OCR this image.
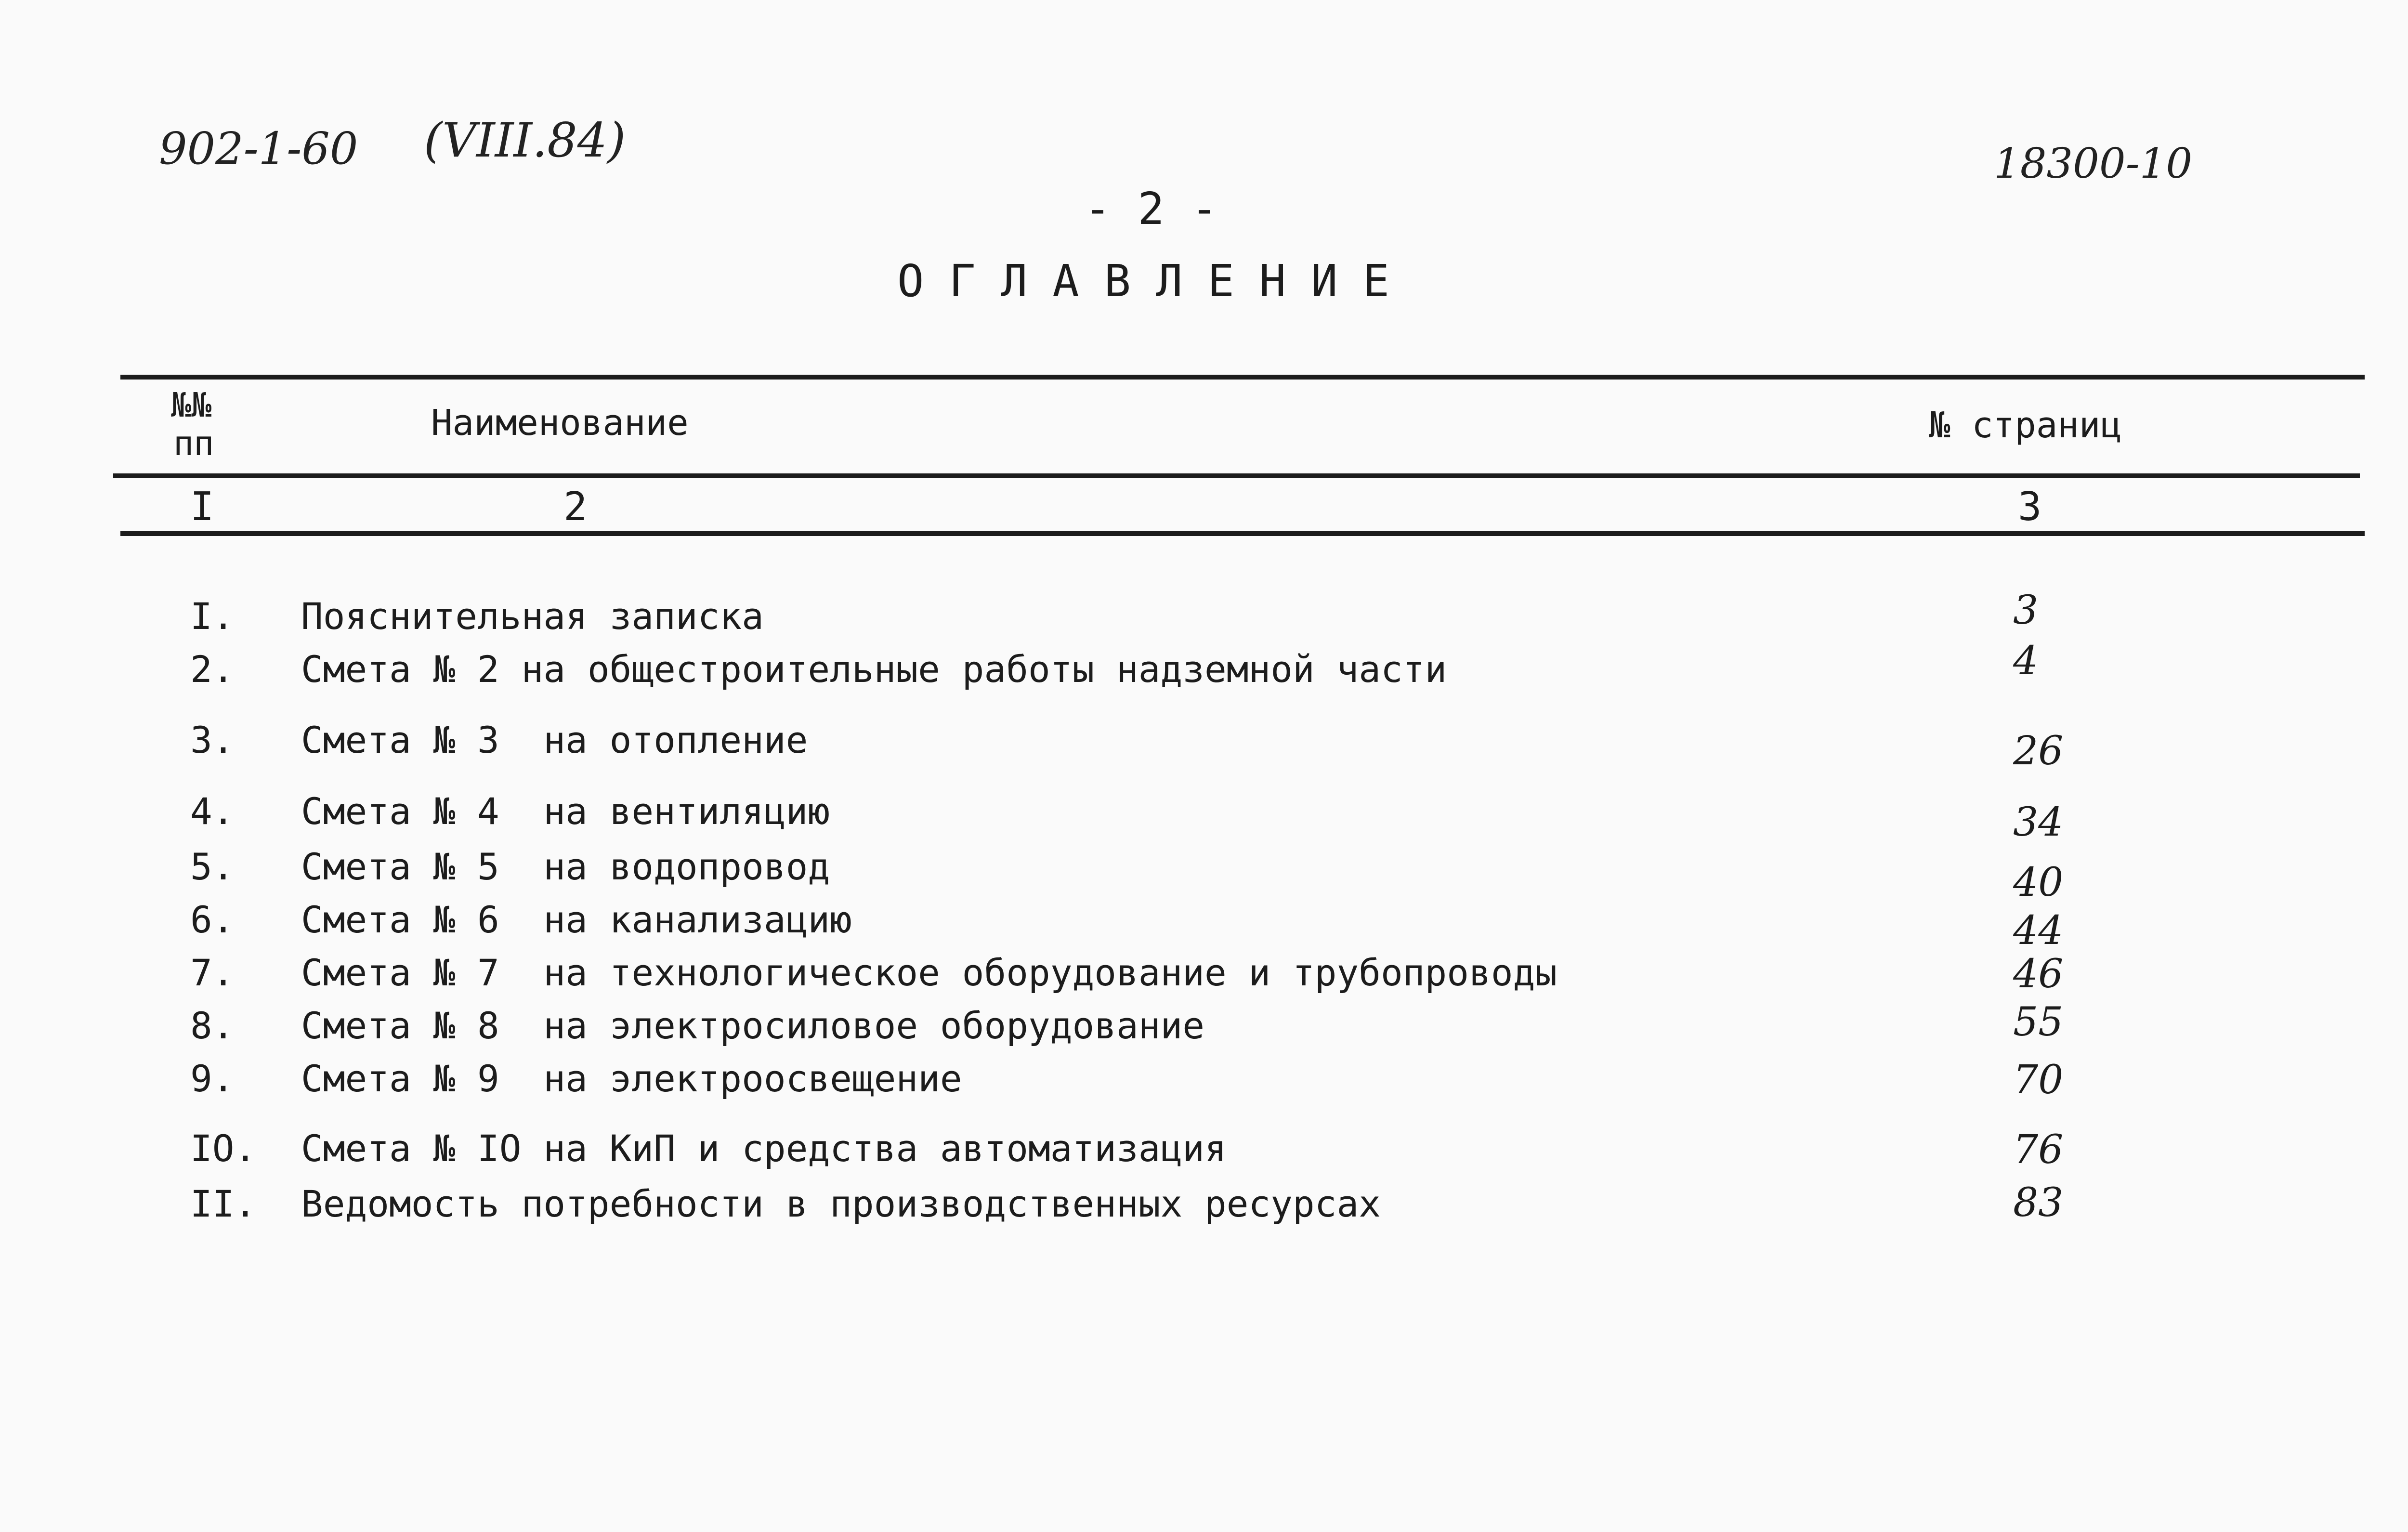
902-1-60 (VIII.84)	18300-10
- 2 -
ОГЛАВЛЕНИЕ
№№
пп	Наименование	№ страниц
I	2	3
I. Пояснительная записка	3
2. Смета № 2 на общестроительные работы надземной части	4
3. Смета № 3  на отопление	26
4. Смета № 4  на вентиляцию	34
5. Смета № 5  на водопровод	40
6. Смета № 6  на канализацию	44
7. Смета № 7  на технологическое оборудование и трубопроводы	46
8. Смета № 8  на электросиловое оборудование	55
9. Смета № 9  на электроосвещение	70
IO. Смета № IO на КиП и средства автоматизация	76
II. Ведомость потребности в производственных ресурсах	83
